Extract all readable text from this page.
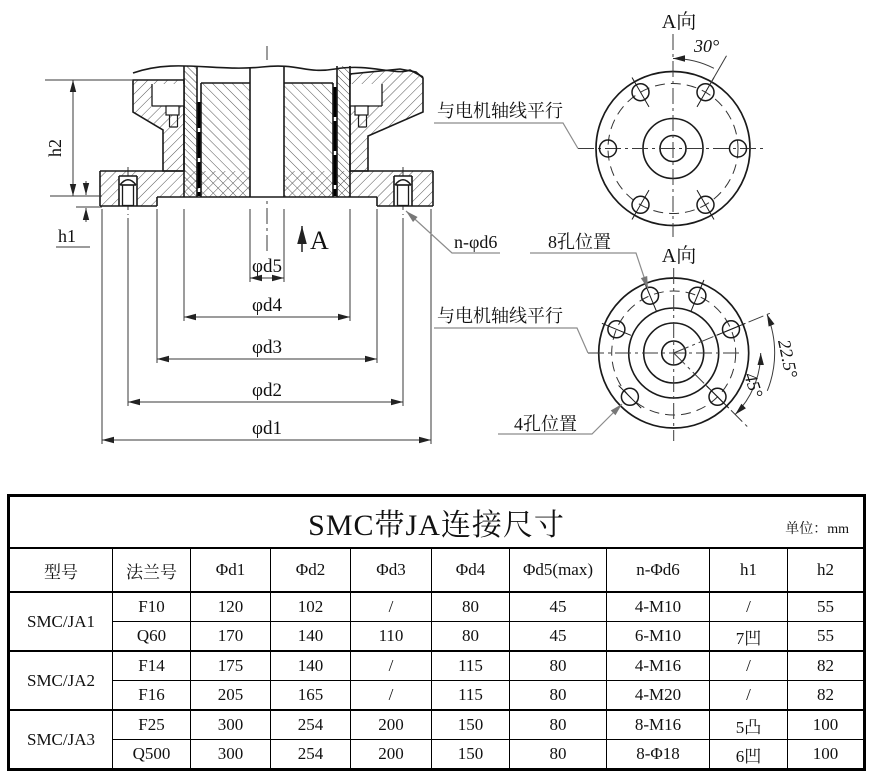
h2
h1
φd5
φd4
φd3
φd2
φd1
A	n-φd6
30°
A向
与电机轴线平行
45°
22.5°
A向
与电机轴线平行
8孔位置
4孔位置
SMC带JA连接尺寸 单位：mm									

型号	法兰号	Φd1	Φd2	Φd3	Φd4	Φd5(max)	n-Φd6	h1	h2
SMC/JA1	F10	120	102	/	80	45	4-M10	/	55
	Q60	170	140	110	80	45	6-M10	7凹	55
SMC/JA2	F14	175	140	/	115	80	4-M16	/	82
	F16	205	165	/	115	80	4-M20	/	82
SMC/JA3	F25	300	254	200	150	80	8-M16	5凸	100
	Q500	300	254	200	150	80	8-Φ18	6凹	100
